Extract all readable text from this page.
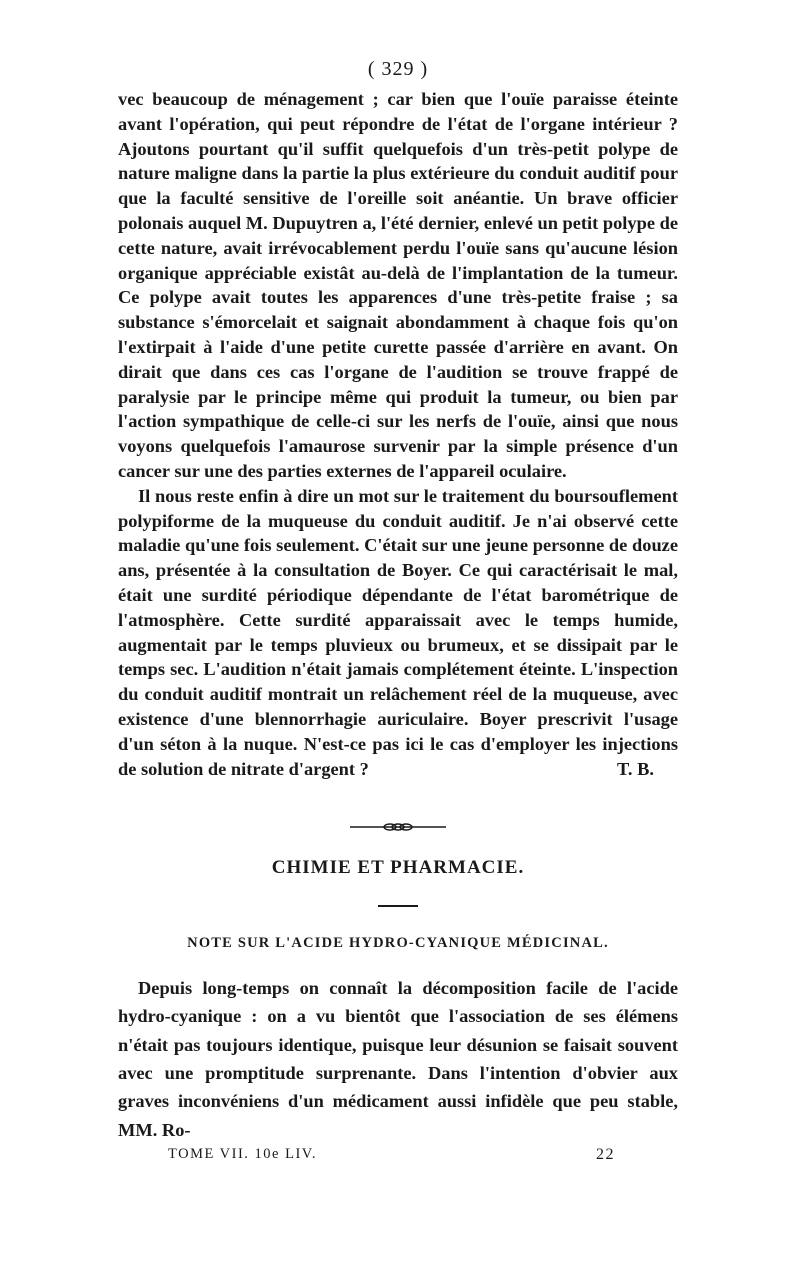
( 329 )

vec beaucoup de ménagement ; car bien que l'ouïe paraisse éteinte avant l'opération, qui peut répondre de l'état de l'organe intérieur ? Ajoutons pourtant qu'il suffit quelquefois d'un très-petit polype de nature maligne dans la partie la plus extérieure du conduit auditif pour que la faculté sensitive de l'oreille soit anéantie. Un brave officier polonais auquel M. Dupuytren a, l'été dernier, enlevé un petit polype de cette nature, avait irrévocablement perdu l'ouïe sans qu'aucune lésion organique appréciable existât au-delà de l'implantation de la tumeur. Ce polype avait toutes les apparences d'une très-petite fraise ; sa substance s'émorcelait et saignait abondamment à chaque fois qu'on l'extirpait à l'aide d'une petite curette passée d'arrière en avant. On dirait que dans ces cas l'organe de l'audition se trouve frappé de paralysie par le principe même qui produit la tumeur, ou bien par l'action sympathique de celle-ci sur les nerfs de l'ouïe, ainsi que nous voyons quelquefois l'amaurose survenir par la simple présence d'un cancer sur une des parties externes de l'appareil oculaire.

Il nous reste enfin à dire un mot sur le traitement du boursouflement polypiforme de la muqueuse du conduit auditif. Je n'ai observé cette maladie qu'une fois seulement. C'était sur une jeune personne de douze ans, présentée à la consultation de Boyer. Ce qui caractérisait le mal, était une surdité périodique dépendante de l'état barométrique de l'atmosphère. Cette surdité apparaissait avec le temps humide, augmentait par le temps pluvieux ou brumeux, et se dissipait par le temps sec. L'audition n'était jamais complétement éteinte. L'inspection du conduit auditif montrait un relâchement réel de la muqueuse, avec existence d'une blennorrhagie auriculaire. Boyer prescrivit l'usage d'un séton à la nuque. N'est-ce pas ici le cas d'employer les injections de solution de nitrate d'argent ?	T. B.

CHIMIE ET PHARMACIE.
NOTE SUR L'ACIDE HYDRO-CYANIQUE MÉDICINAL.

Depuis long-temps on connaît la décomposition facile de l'acide hydro-cyanique : on a vu bientôt que l'association de ses élémens n'était pas toujours identique, puisque leur désunion se faisait souvent avec une promptitude surprenante. Dans l'intention d'obvier aux graves inconvéniens d'un médicament aussi infidèle que peu stable, MM. Ro-

TOME VII. 10e LIV.	22
